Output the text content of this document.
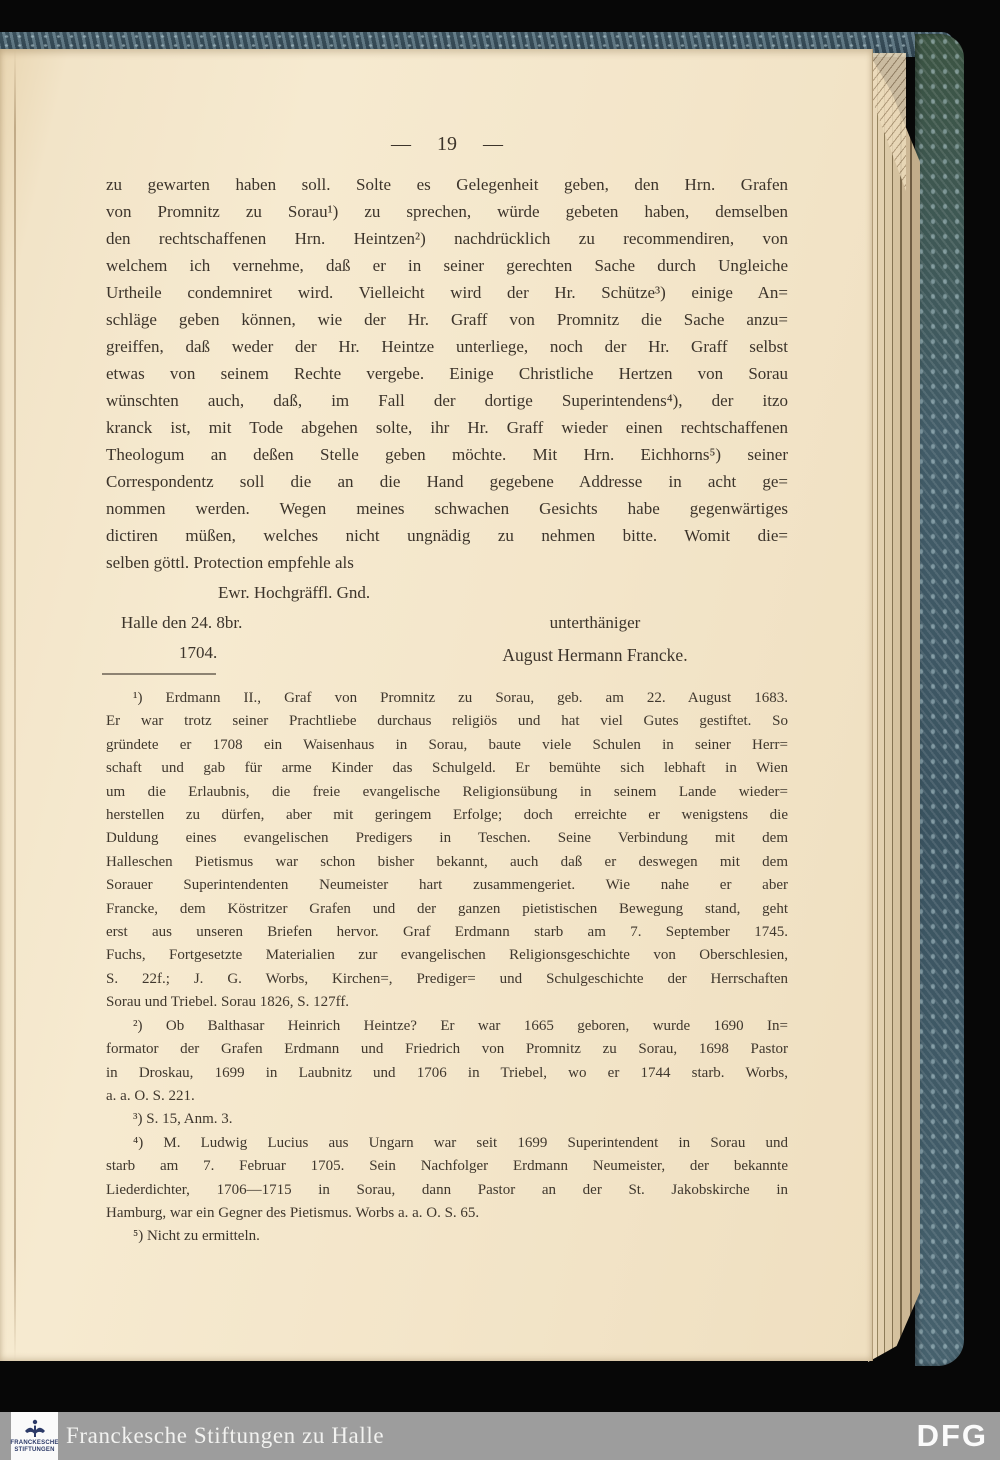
— 19 —
zu gewarten haben soll. Solte es Gelegenheit geben, den Hrn. Grafen
von Promnitz zu Sorau¹) zu sprechen, würde gebeten haben, demselben
den rechtschaffenen Hrn. Heintzen²) nachdrücklich zu recommendiren, von
welchem ich vernehme, daß er in seiner gerechten Sache durch Ungleiche
Urtheile condemniret wird. Vielleicht wird der Hr. Schütze³) einige An=
schläge geben können, wie der Hr. Graff von Promnitz die Sache anzu=
greiffen, daß weder der Hr. Heintze unterliege, noch der Hr. Graff selbst
etwas von seinem Rechte vergebe. Einige Christliche Hertzen von Sorau
wünschten auch, daß, im Fall der dortige Superintendens⁴), der itzo
kranck ist, mit Tode abgehen solte, ihr Hr. Graff wieder einen rechtschaffenen
Theologum an deßen Stelle geben möchte. Mit Hrn. Eichhorns⁵) seiner
Correspondentz soll die an die Hand gegebene Addresse in acht ge=
nommen werden. Wegen meines schwachen Gesichts habe gegenwärtiges
dictiren müßen, welches nicht ungnädig zu nehmen bitte. Womit die=
selben göttl. Protection empfehle als
Ewr. Hochgräffl. Gnd.
Halle den 24. 8br.
1704.
unterthäniger
August Hermann Francke.
¹) Erdmann II., Graf von Promnitz zu Sorau, geb. am 22. August 1683.
Er war trotz seiner Prachtliebe durchaus religiös und hat viel Gutes gestiftet. So
gründete er 1708 ein Waisenhaus in Sorau, baute viele Schulen in seiner Herr=
schaft und gab für arme Kinder das Schulgeld. Er bemühte sich lebhaft in Wien
um die Erlaubnis, die freie evangelische Religionsübung in seinem Lande wieder=
herstellen zu dürfen, aber mit geringem Erfolge; doch erreichte er wenigstens die
Duldung eines evangelischen Predigers in Teschen. Seine Verbindung mit dem
Halleschen Pietismus war schon bisher bekannt, auch daß er deswegen mit dem
Sorauer Superintendenten Neumeister hart zusammengeriet. Wie nahe er aber
Francke, dem Köstritzer Grafen und der ganzen pietistischen Bewegung stand, geht
erst aus unseren Briefen hervor. Graf Erdmann starb am 7. September 1745.
Fuchs, Fortgesetzte Materialien zur evangelischen Religionsgeschichte von Oberschlesien,
S. 22f.; J. G. Worbs, Kirchen=, Prediger= und Schulgeschichte der Herrschaften
Sorau und Triebel. Sorau 1826, S. 127ff.
²) Ob Balthasar Heinrich Heintze? Er war 1665 geboren, wurde 1690 In=
formator der Grafen Erdmann und Friedrich von Promnitz zu Sorau, 1698 Pastor
in Droskau, 1699 in Laubnitz und 1706 in Triebel, wo er 1744 starb. Worbs,
a. a. O. S. 221.
³) S. 15, Anm. 3.
⁴) M. Ludwig Lucius aus Ungarn war seit 1699 Superintendent in Sorau und
starb am 7. Februar 1705. Sein Nachfolger Erdmann Neumeister, der bekannte
Liederdichter, 1706—1715 in Sorau, dann Pastor an der St. Jakobskirche in
Hamburg, war ein Gegner des Pietismus. Worbs a. a. O. S. 65.
⁵) Nicht zu ermitteln.
FRANCKESCHE
STIFTUNGEN
Franckesche Stiftungen zu Halle	DFG
